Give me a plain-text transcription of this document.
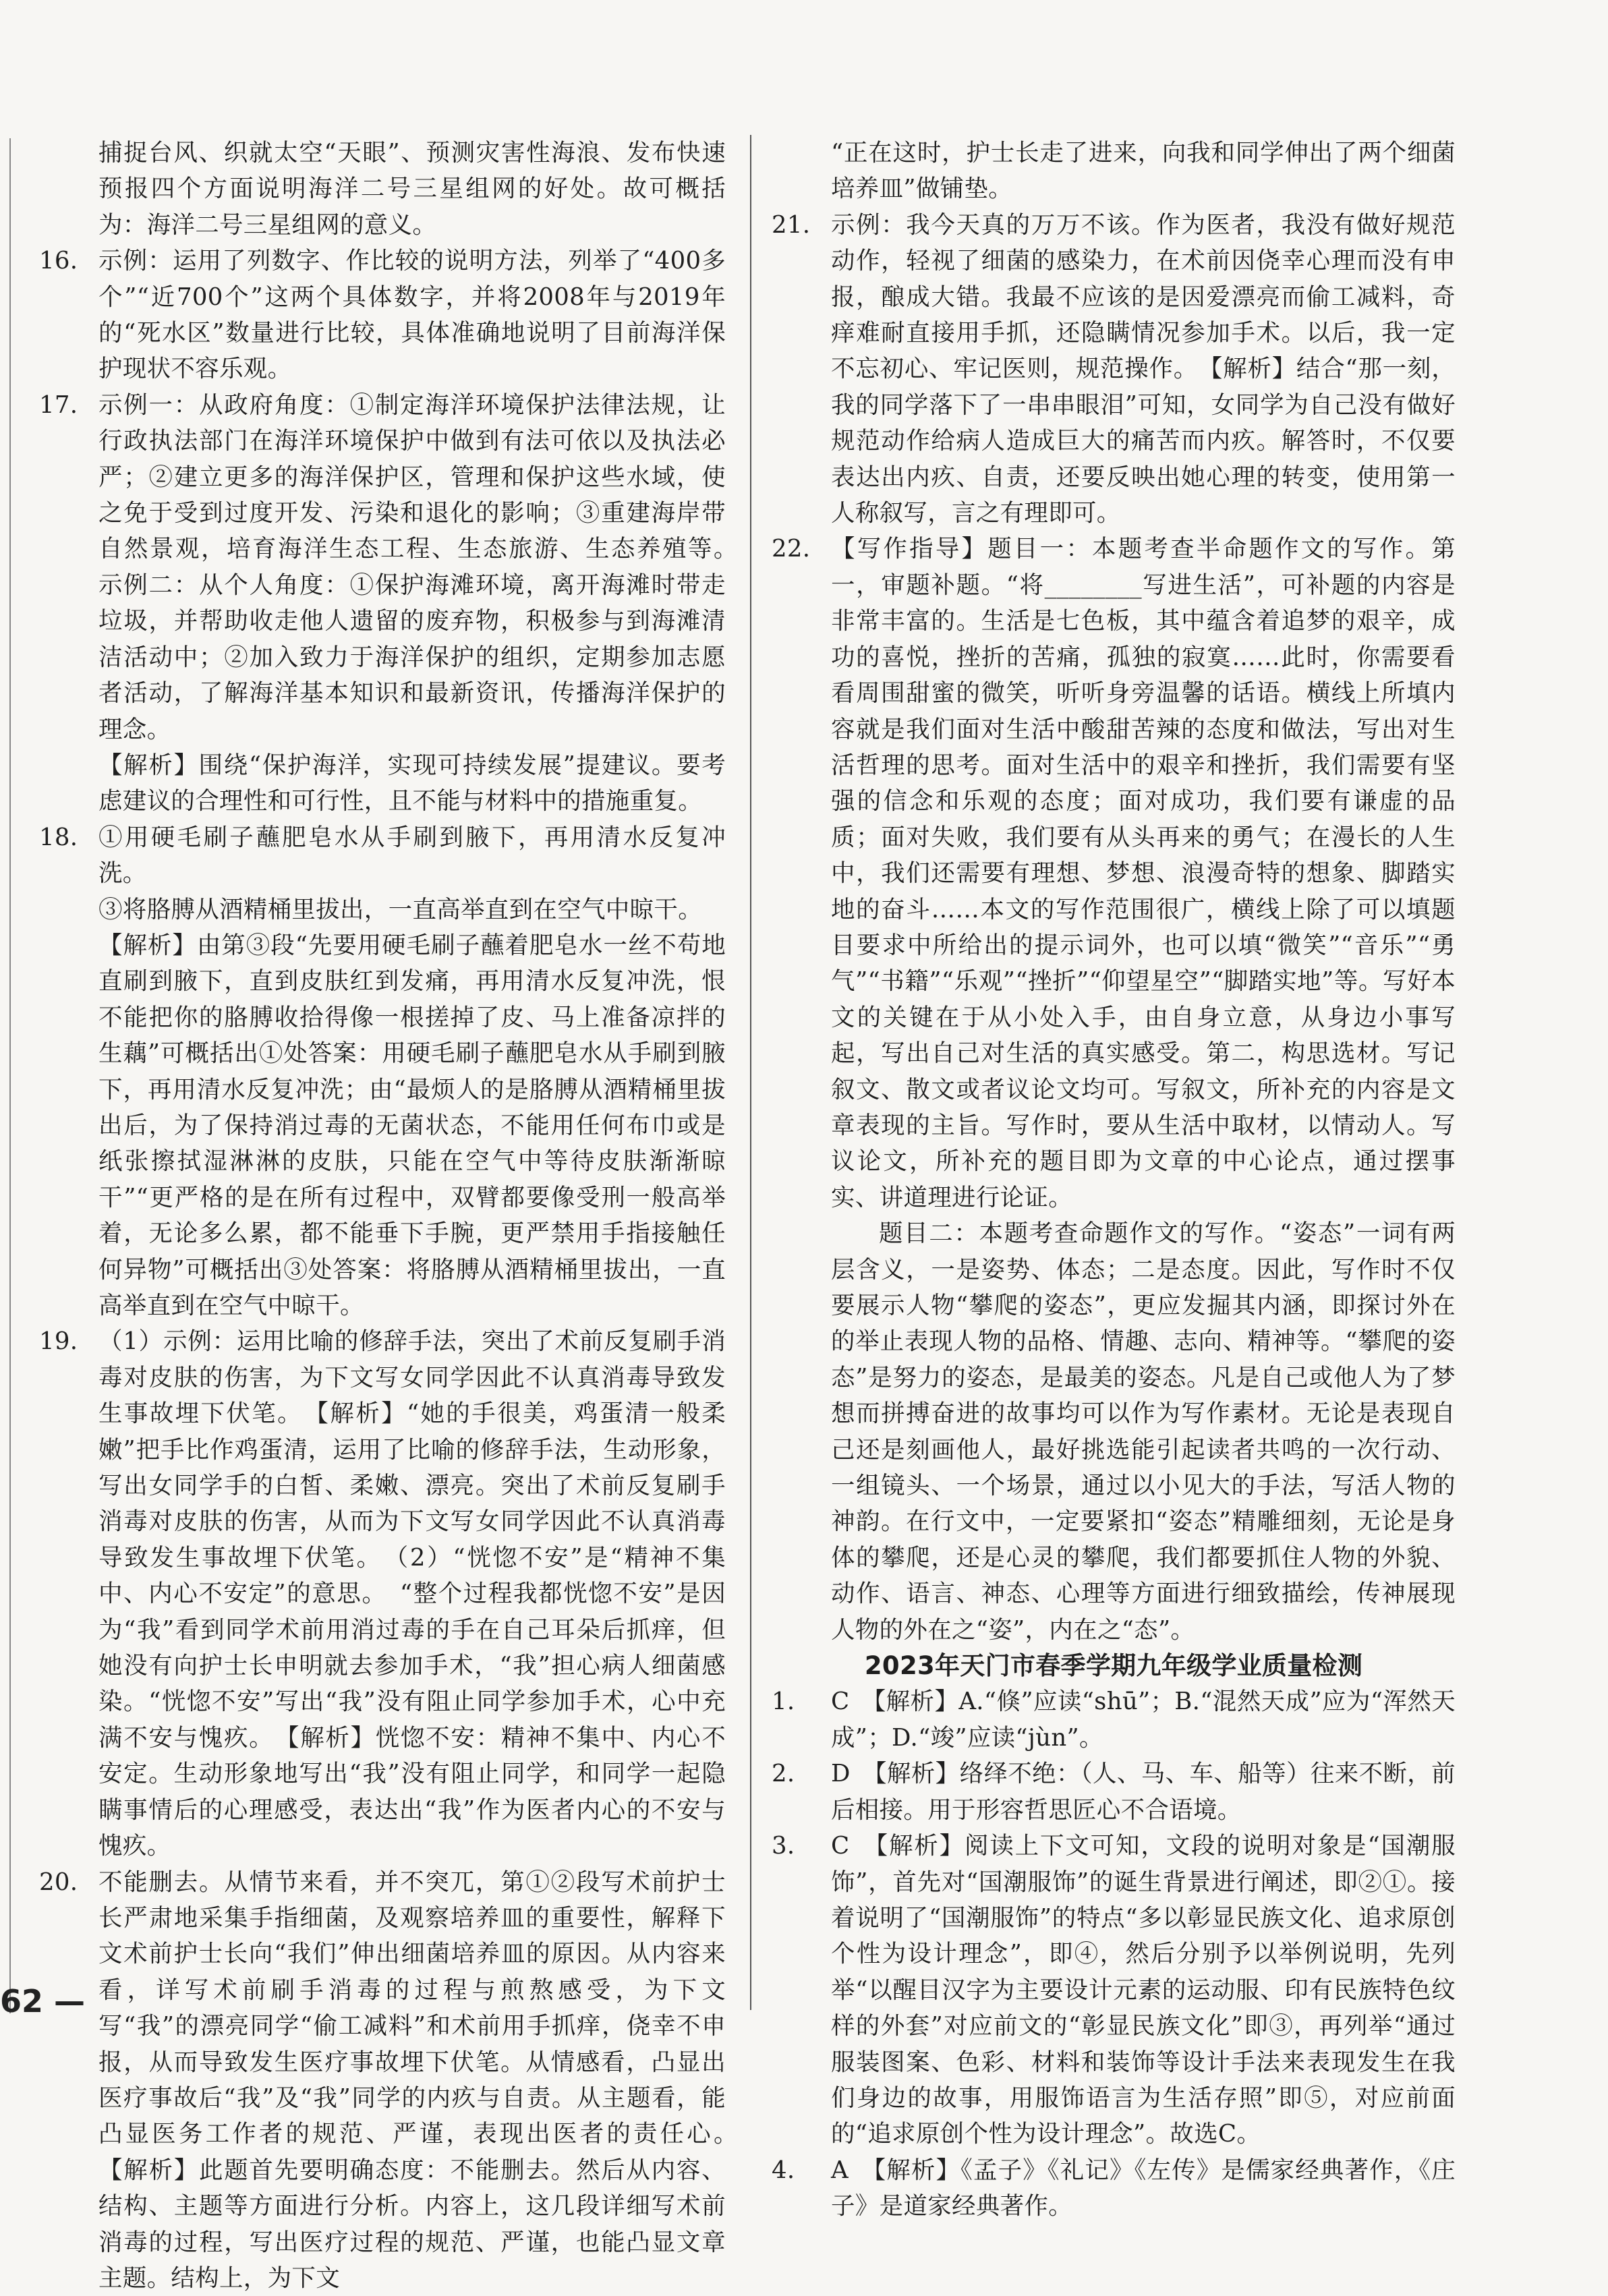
捕捉台风、织就太空“天眼”、预测灾害性海浪、发布快速预报四个方面说明海洋二号三星组网的好处。故可概括为：海洋二号三星组网的意义。

16. 示例：运用了列数字、作比较的说明方法，列举了“400多个”“近700个”这两个具体数字，并将2008年与2019年的“死水区”数量进行比较，具体准确地说明了目前海洋保护现状不容乐观。

17. 示例一：从政府角度：①制定海洋环境保护法律法规，让行政执法部门在海洋环境保护中做到有法可依以及执法必严；②建立更多的海洋保护区，管理和保护这些水域，使之免于受到过度开发、污染和退化的影响；③重建海岸带自然景观，培育海洋生态工程、生态旅游、生态养殖等。　示例二：从个人角度：①保护海滩环境，离开海滩时带走垃圾，并帮助收走他人遗留的废弃物，积极参与到海滩清洁活动中；②加入致力于海洋保护的组织，定期参加志愿者活动，了解海洋基本知识和最新资讯，传播海洋保护的理念。

【解析】围绕“保护海洋，实现可持续发展”提建议。要考虑建议的合理性和可行性，且不能与材料中的措施重复。

18. ①用硬毛刷子蘸肥皂水从手刷到腋下，再用清水反复冲洗。

③将胳膊从酒精桶里拔出，一直高举直到在空气中晾干。

【解析】由第③段“先要用硬毛刷子蘸着肥皂水一丝不苟地直刷到腋下，直到皮肤红到发痛，再用清水反复冲洗，恨不能把你的胳膊收拾得像一根搓掉了皮、马上准备凉拌的生藕”可概括出①处答案：用硬毛刷子蘸肥皂水从手刷到腋下，再用清水反复冲洗；由“最烦人的是胳膊从酒精桶里拔出后，为了保持消过毒的无菌状态，不能用任何布巾或是纸张擦拭湿淋淋的皮肤，只能在空气中等待皮肤渐渐晾干”“更严格的是在所有过程中，双臂都要像受刑一般高举着，无论多么累，都不能垂下手腕，更严禁用手指接触任何异物”可概括出③处答案：将胳膊从酒精桶里拔出，一直高举直到在空气中晾干。

19. （1）示例：运用比喻的修辞手法，突出了术前反复刷手消毒对皮肤的伤害，为下文写女同学因此不认真消毒导致发生事故埋下伏笔。　【解析】“她的手很美，鸡蛋清一般柔嫩”把手比作鸡蛋清，运用了比喻的修辞手法，生动形象，写出女同学手的白皙、柔嫩、漂亮。突出了术前反复刷手消毒对皮肤的伤害，从而为下文写女同学因此不认真消毒导致发生事故埋下伏笔。　（2）“恍惚不安”是“精神不集中、内心不安定”的意思。　“整个过程我都恍惚不安”是因为“我”看到同学术前用消过毒的手在自己耳朵后抓痒，但她没有向护士长申明就去参加手术，“我”担心病人细菌感染。“恍惚不安”写出“我”没有阻止同学参加手术，心中充满不安与愧疚。　【解析】恍惚不安：精神不集中、内心不安定。生动形象地写出“我”没有阻止同学，和同学一起隐瞒事情后的心理感受，表达出“我”作为医者内心的不安与愧疚。

20. 不能删去。从情节来看，并不突兀，第①②段写术前护士长严肃地采集手指细菌，及观察培养皿的重要性，解释下文术前护士长向“我们”伸出细菌培养皿的原因。从内容来看，详写术前刷手消毒的过程与煎熬感受，为下文写“我”的漂亮同学“偷工减料”和术前用手抓痒，侥幸不申报，从而导致发生医疗事故埋下伏笔。从情感看，凸显出医疗事故后“我”及“我”同学的内疚与自责。从主题看，能凸显医务工作者的规范、严谨，表现出医者的责任心。　【解析】此题首先要明确态度：不能删去。然后从内容、结构、主题等方面进行分析。内容上，这几段详细写术前消毒的过程，写出医疗过程的规范、严谨，也能凸显文章主题。结构上，为下文

“正在这时，护士长走了进来，向我和同学伸出了两个细菌培养皿”做铺垫。

21. 示例：我今天真的万万不该。作为医者，我没有做好规范动作，轻视了细菌的感染力，在术前因侥幸心理而没有申报，酿成大错。我最不应该的是因爱漂亮而偷工减料，奇痒难耐直接用手抓，还隐瞒情况参加手术。以后，我一定不忘初心、牢记医则，规范操作。　【解析】结合“那一刻，我的同学落下了一串串眼泪”可知，女同学为自己没有做好规范动作给病人造成巨大的痛苦而内疚。解答时，不仅要表达出内疚、自责，还要反映出她心理的转变，使用第一人称叙写，言之有理即可。

22. 【写作指导】题目一：本题考查半命题作文的写作。第一，审题补题。“将________写进生活”，可补题的内容是非常丰富的。生活是七色板，其中蕴含着追梦的艰辛，成功的喜悦，挫折的苦痛，孤独的寂寞……此时，你需要看看周围甜蜜的微笑，听听身旁温馨的话语。横线上所填内容就是我们面对生活中酸甜苦辣的态度和做法，写出对生活哲理的思考。面对生活中的艰辛和挫折，我们需要有坚强的信念和乐观的态度；面对成功，我们要有谦虚的品质；面对失败，我们要有从头再来的勇气；在漫长的人生中，我们还需要有理想、梦想、浪漫奇特的想象、脚踏实地的奋斗……本文的写作范围很广，横线上除了可以填题目要求中所给出的提示词外，也可以填“微笑”“音乐”“勇气”“书籍”“乐观”“挫折”“仰望星空”“脚踏实地”等。写好本文的关键在于从小处入手，由自身立意，从身边小事写起，写出自己对生活的真实感受。第二，构思选材。写记叙文、散文或者议论文均可。写叙文，所补充的内容是文章表现的主旨。写作时，要从生活中取材，以情动人。写议论文，所补充的题目即为文章的中心论点，通过摆事实、讲道理进行论证。

题目二：本题考查命题作文的写作。“姿态”一词有两层含义，一是姿势、体态；二是态度。因此，写作时不仅要展示人物“攀爬的姿态”，更应发掘其内涵，即探讨外在的举止表现人物的品格、情趣、志向、精神等。“攀爬的姿态”是努力的姿态，是最美的姿态。凡是自己或他人为了梦想而拼搏奋进的故事均可以作为写作素材。无论是表现自己还是刻画他人，最好挑选能引起读者共鸣的一次行动、一组镜头、一个场景，通过以小见大的手法，写活人物的神韵。在行文中，一定要紧扣“姿态”精雕细刻，无论是身体的攀爬，还是心灵的攀爬，我们都要抓住人物的外貌、动作、语言、神态、心理等方面进行细致描绘，传神展现人物的外在之“姿”，内在之“态”。

2023年天门市春季学期九年级学业质量检测

1.	C　【解析】A.“倏”应读“shū”；B.“混然天成”应为“浑然天成”；D.“竣”应读“jùn”。

2.	D　【解析】络绎不绝：（人、马、车、船等）往来不断，前后相接。用于形容哲思匠心不合语境。

3.	C　【解析】阅读上下文可知，文段的说明对象是“国潮服饰”，首先对“国潮服饰”的诞生背景进行阐述，即②①。接着说明了“国潮服饰”的特点“多以彰显民族文化、追求原创个性为设计理念”，即④，然后分别予以举例说明，先列举“以醒目汉字为主要设计元素的运动服、印有民族特色纹样的外套”对应前文的“彰显民族文化”即③，再列举“通过服装图案、色彩、材料和装饰等设计手法来表现发生在我们身边的故事，用服饰语言为生活存照”即⑤，对应前面的“追求原创个性为设计理念”。故选C。

4.	A　【解析】《孟子》《礼记》《左传》是儒家经典著作，《庄子》是道家经典著作。

62 —
